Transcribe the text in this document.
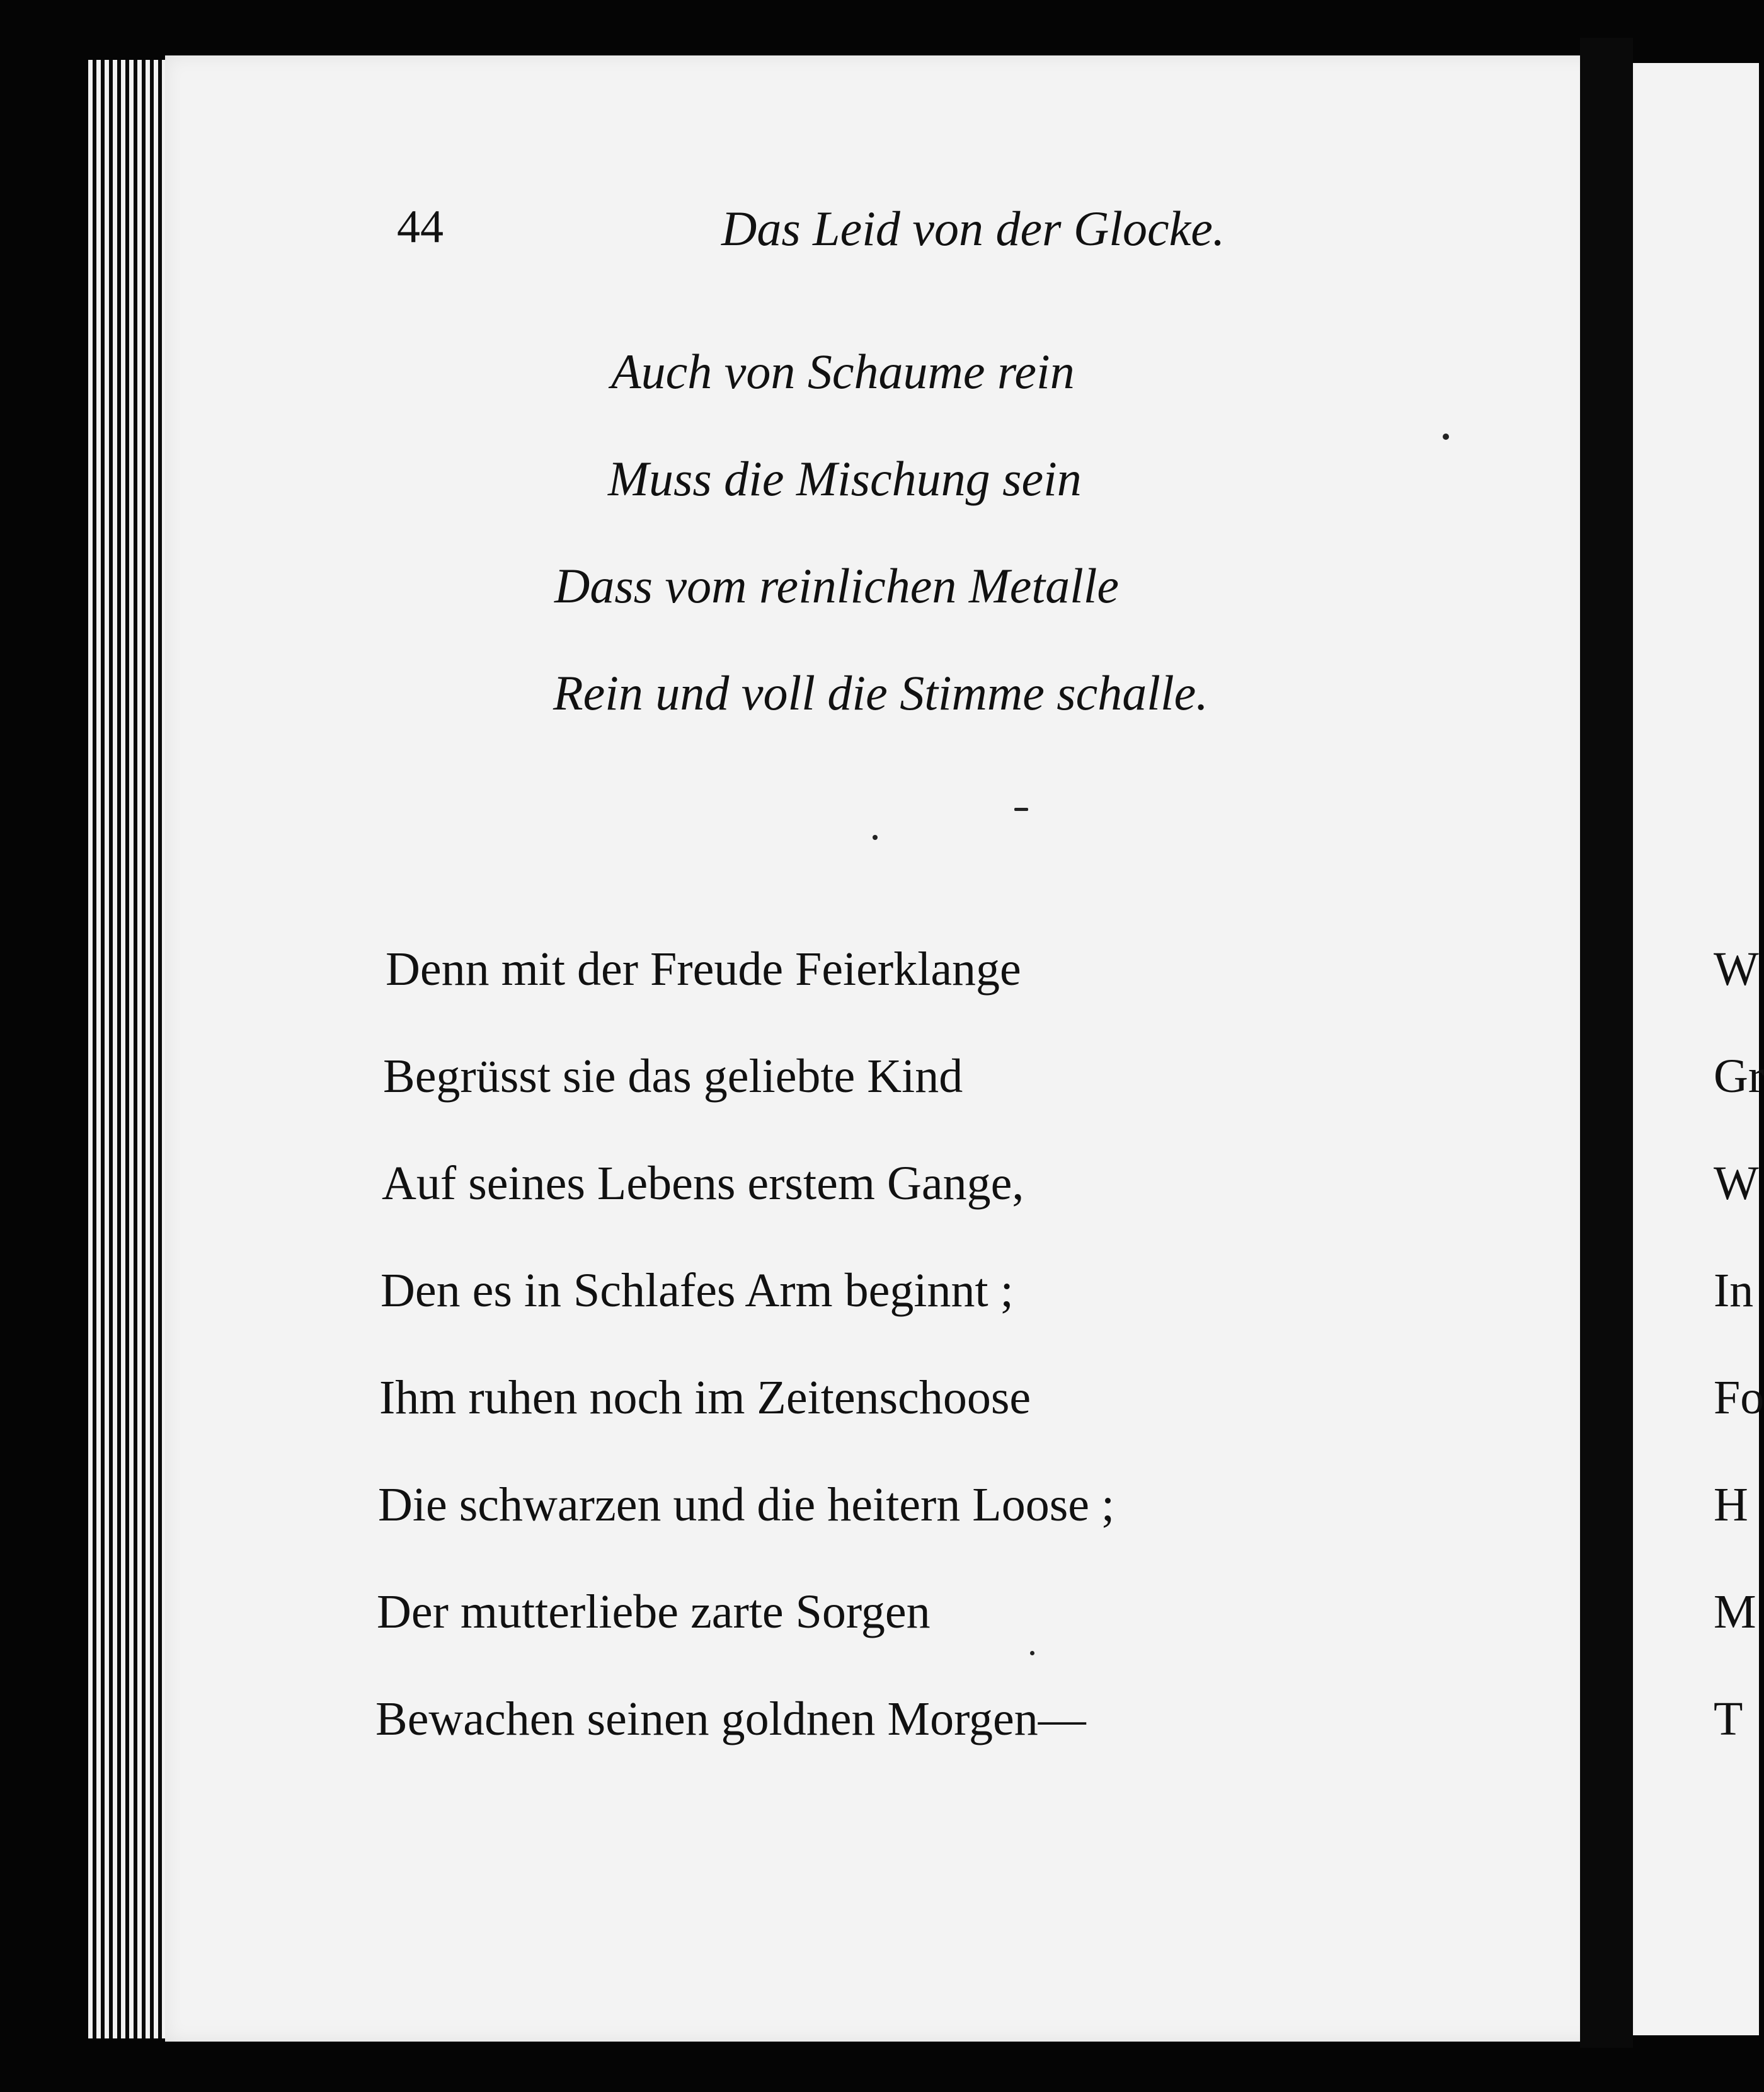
44	Das Leid von der Glocke.

Auch von Schaume rein
Muss die Mischung sein
Dass vom reinlichen Metalle
Rein und voll die Stimme schalle.
Denn mit der Freude Feierklange
Begrüsst sie das geliebte Kind
Auf seines Lebens erstem Gange,
Den es in Schlafes Arm beginnt ;
Ihm ruhen noch im Zeitenschoose
Die schwarzen und die heitern Loose ;
Der mutterliebe zarte Sorgen
Bewachen seinen goldnen Morgen—
W
Gr
W
In
Fo
H
M
T
